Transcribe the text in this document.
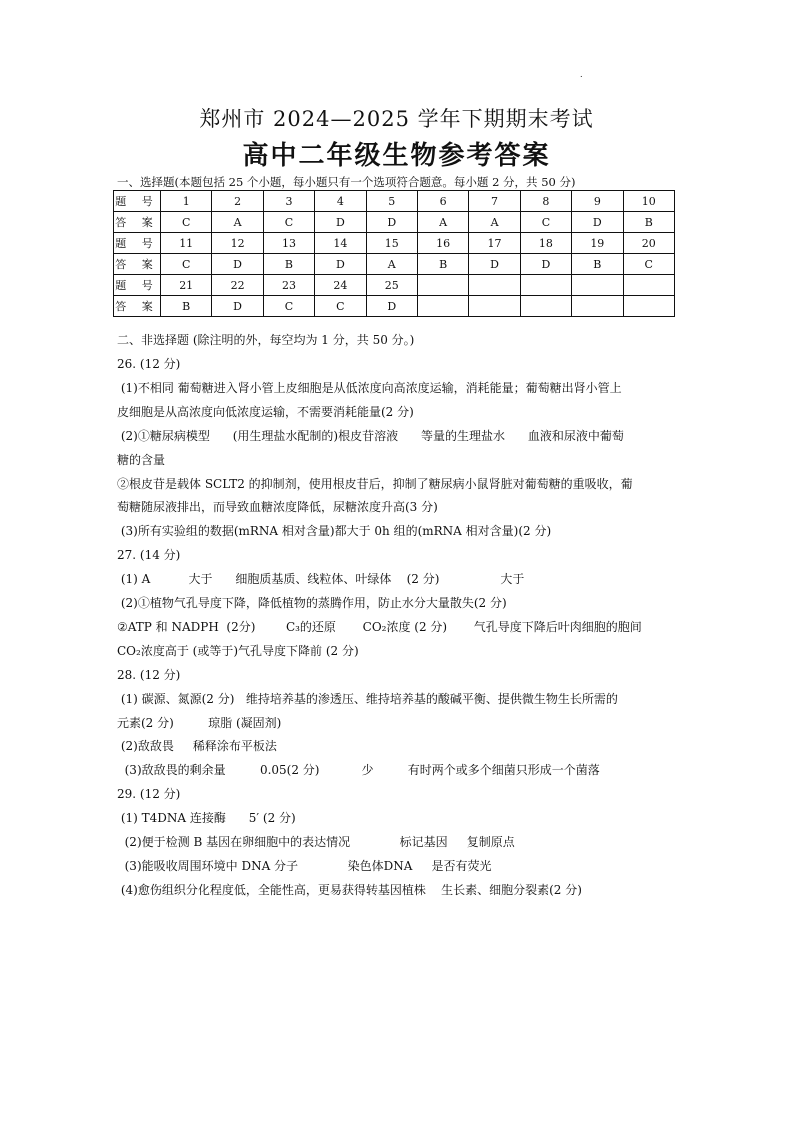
.
郑州市 2024—2025 学年下期期末考试
高中二年级生物参考答案
一、选择题(本题包括 25 个小题，每小题只有一个选项符合题意。每小题 2 分，共 50 分)
题 号	1	2	3	4	5	6	7	8	9	10
答 案	C	A	C	D	D	A	A	C	D	B
题 号	11	12	13	14	15	16	17	18	19	20
答 案	C	D	B	D	A	B	D	D	B	C
题 号	21	22	23	24	25					
答 案	B	D	C	C	D					
二、非选择题 (除注明的外，每空均为 1 分，共 50 分。)
26. (12 分)
(1)不相同 葡萄糖进入肾小管上皮细胞是从低浓度向高浓度运输，消耗能量；葡萄糖出肾小管上
皮细胞是从高浓度向低浓度运输，不需要消耗能量(2 分)
(2)①糖尿病模型      (用生理盐水配制的)根皮苷溶液      等量的生理盐水      血液和尿液中葡萄
糖的含量
②根皮苷是载体 SCLT2 的抑制剂，使用根皮苷后，抑制了糖尿病小鼠肾脏对葡萄糖的重吸收，葡
萄糖随尿液排出，而导致血糖浓度降低，尿糖浓度升高(3 分)
(3)所有实验组的数据(mRNA 相对含量)都大于 0h 组的(mRNA 相对含量)(2 分)
27. (14 分)
(1) A          大于      细胞质基质、线粒体、叶绿体    (2 分)                大于
(2)①植物气孔导度下降，降低植物的蒸腾作用，防止水分大量散失(2 分)
②ATP 和 NADPH  (2分)        C₃的还原       CO₂浓度 (2 分)       气孔导度下降后叶肉细胞的胞间
CO₂浓度高于 (或等于)气孔导度下降前 (2 分)
28. (12 分)
(1) 碳源、氮源(2 分)   维持培养基的渗透压、维持培养基的酸碱平衡、提供微生物生长所需的
元素(2 分)         琼脂 (凝固剂)
(2)敌敌畏     稀释涂布平板法
(3)敌敌畏的剩余量         0.05(2 分)           少         有时两个或多个细菌只形成一个菌落
29. (12 分)
(1) T4DNA 连接酶      5′ (2 分)
(2)便于检测 B 基因在卵细胞中的表达情况             标记基因     复制原点
(3)能吸收周围环境中 DNA 分子             染色体DNA     是否有荧光
(4)愈伤组织分化程度低，全能性高，更易获得转基因植株    生长素、细胞分裂素(2 分)
